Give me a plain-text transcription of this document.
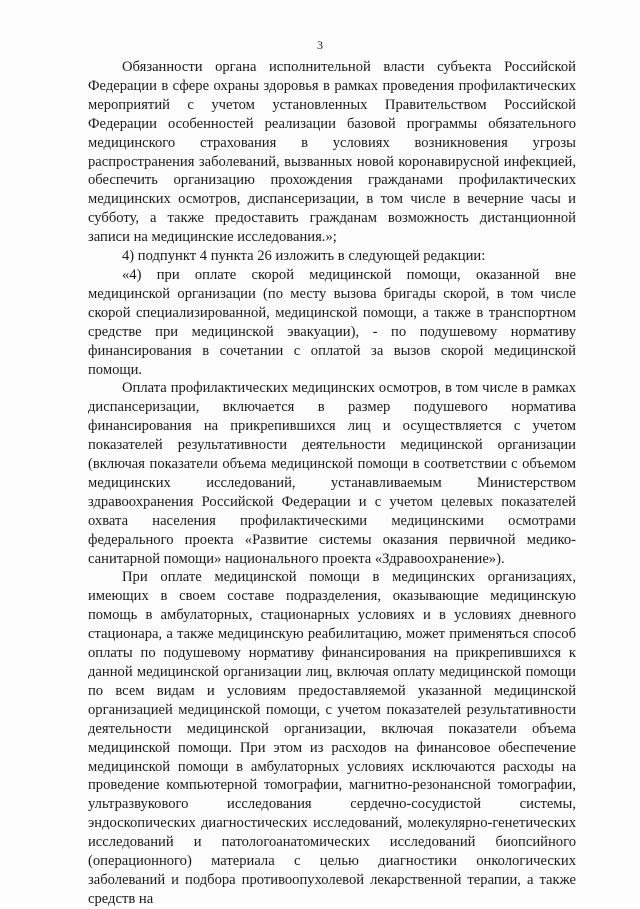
3

Обязанности органа исполнительной власти субъекта Российской Федерации в сфере охраны здоровья в рамках проведения профилактических мероприятий с учетом установленных Правительством Российской Федерации особенностей реализации базовой программы обязательного медицинского страхования в условиях возникновения угрозы распространения заболеваний, вызванных новой коронавирусной инфекцией, обеспечить организацию прохождения гражданами профилактических медицинских осмотров, диспансеризации, в том числе в вечерние часы и субботу, а также предоставить гражданам возможность дистанционной записи на медицинские исследования.»;

4) подпункт 4 пункта 26 изложить в следующей редакции:

«4) при оплате скорой медицинской помощи, оказанной вне медицинской организации (по месту вызова бригады скорой, в том числе скорой специализированной, медицинской помощи, а также в транспортном средстве при медицинской эвакуации), - по подушевому нормативу финансирования в сочетании с оплатой за вызов скорой медицинской помощи.

Оплата профилактических медицинских осмотров, в том числе в рамках диспансеризации, включается в размер подушевого норматива финансирования на прикрепившихся лиц и осуществляется с учетом показателей результативности деятельности медицинской организации (включая показатели объема медицинской помощи в соответствии с объемом медицинских исследований, устанавливаемым Министерством здравоохранения Российской Федерации и с учетом целевых показателей охвата населения профилактическими медицинскими осмотрами федерального проекта «Развитие системы оказания первичной медико-санитарной помощи» национального проекта «Здравоохранение»).

При оплате медицинской помощи в медицинских организациях, имеющих в своем составе подразделения, оказывающие медицинскую помощь в амбулаторных, стационарных условиях и в условиях дневного стационара, а также медицинскую реабилитацию, может применяться способ оплаты по подушевому нормативу финансирования на прикрепившихся к данной медицинской организации лиц, включая оплату медицинской помощи по всем видам и условиям предоставляемой указанной медицинской организацией медицинской помощи, с учетом показателей результативности деятельности медицинской организации, включая показатели объема медицинской помощи. При этом из расходов на финансовое обеспечение медицинской помощи в амбулаторных условиях исключаются расходы на проведение компьютерной томографии, магнитно-резонансной томографии, ультразвукового исследования сердечно-сосудистой системы, эндоскопических диагностических исследований, молекулярно-генетических исследований и патологоанатомических исследований биопсийного (операционного) материала с целью диагностики онкологических заболеваний и подбора противоопухолевой лекарственной терапии, а также средств на
